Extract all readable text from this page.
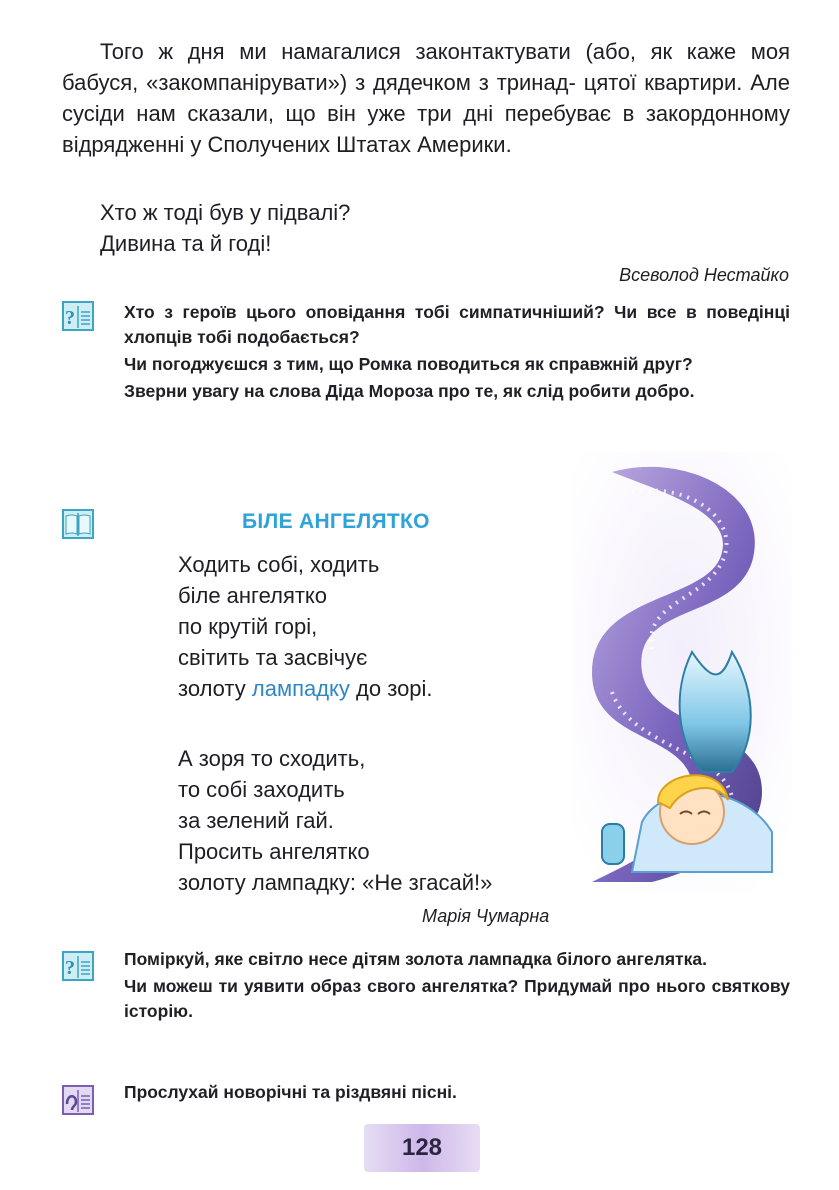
Того ж дня ми намагалися законтактувати (або, як каже моя бабуся, «закомпанірувати») з дядечком з тринад- цятої квартири. Але сусіди нам сказали, що він уже три дні перебуває в закордонному відрядженні у Сполучених Штатах Америки.

Хто ж тоді був у підвалі?
Дивина та й годі!
Всеволод Нестайко
?	Хто з героїв цього оповідання тобі симпатичніший? Чи все в поведінці хлопців тобі подобається?

Чи погоджуєшся з тим, що Ромка поводиться як справжній друг?

Зверни увагу на слова Діда Мороза про те, як слід робити добро.

БІЛЕ АНГЕЛЯТКО

Ходить собі, ходить

біле ангелятко

по крутій горі,

світить та засвічує

золоту лампадку до зорі.

А зоря то сходить,

то собі заходить

за зелений гай.

Просить ангелятко

золоту лампадку: «Не згасай!»

Марія Чумарна
?	Поміркуй, яке світло несе дітям золота лампадка білого ангелятка.

Чи можеш ти уявити образ свого ангелятка? Придумай про нього святкову історію.

Прослухай новорічні та різдвяні пісні.
128
